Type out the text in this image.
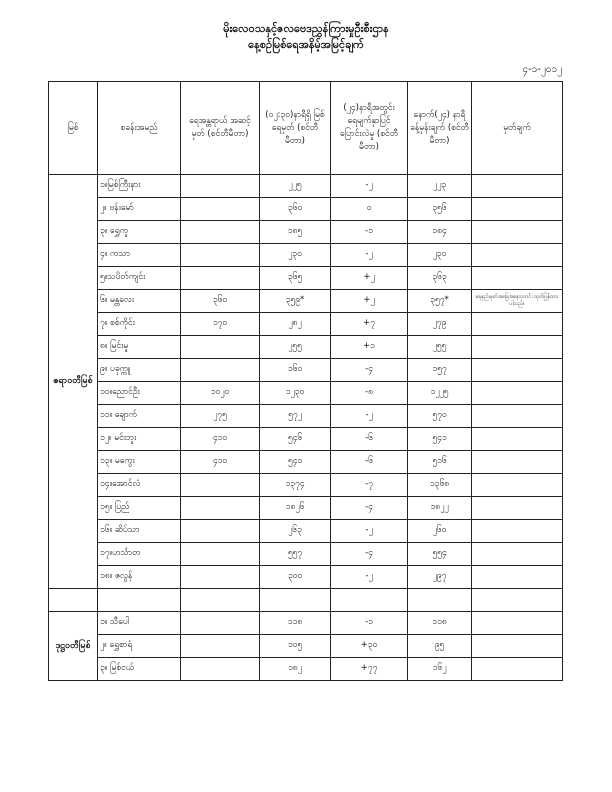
မိုးလေဝသနှင့်ဇလဗေဒညွှန်ကြားမှုဦးစီးဌာန
နေ့စဉ်မြစ်ရေအနိမ့်အမြင့်ချက်
၄-၁-၂၀၁၂
မြစ်	စခန်းအမည်	ရေအန္တရာယ် အဆင့်မှတ် (စင်တီမီတာ)	(၀၂:၃၀)နာရီရှိ မြစ်ရေမှတ် (စင်တီမီတာ)	(၂၄)နာရီအတွင်း ရေမျက်နှာပြင် ပြောင်းလဲမှု (စင်တီမီတာ)	နောက်(၂၄) နာရီ ခန့်မှန်းချက် (စင်တီမီတာ)	မှတ်ချက်
ဧရာဝတီမြစ်	၁။မြစ်ကြီးနား		၂၂၅	-၂	၂၂၃	
	၂။ ဗန်းမော်		၃၆၀	၀	၃၅၆	
	၃။ ရွှေကူ		၁၈၅	-၁	၁၈၄	
	၄။ ကသာ		၂၃၀	-၂	၂၃၀	
	၅။သပိတ်ကျင်း		၃၆၅	+၂	၃၆၃	
	၆။ မန္တလေး	၃၆၀	၃၅၉*	+၂	၃၅၇*	ရေနည်းမှတ်အခြေအနေသတင်း ထုတ်ပြန်ထားပါသည်။
	၇။ စစ်ကိုင်း	၁၇၀	၂၈၂	+၇	၂၇၉	
	၈။ မြင်းမူ		၂၅၅	+၁	၂၅၅	
	၉။ ပခုက္ကူ		၁၆၀	-၄	၁၅၇	
	၁၀။ညောင်ဦး	၁၀၂၀	၁၂၃၀	-၈	၁၂၂၅	
	၁၁။ ချောက်	၂၇၅	၅၇၂	-၂	၅၇၀	
	၁၂။ မင်းဘူး	၄၁၀	၅၄၆	-၆	၅၄၁	
	၁၃။ မကွေး	၄၁၀	၅၄၁	-၆	၅၁၆	
	၁၄။အောင်လံ		၁၃၇၄	-၇	၁၃၆၈	
	၁၅။ ပြည်		၁၈၂၆	-၄	၁၈၂၂	
	၁၆။ ဆိပ်သာ		၂၆၃	-၂	၂၆၀	
	၁၇။ဟင်္သာတ		၅၅၇	-၄	၅၅၄	
	၁၈။ ဇလွန်		၃၀၀	-၂	၂၉၇	

ဒုဋ္ဌဝတီမြစ်	၁။ သီပေါ		၁၁၈	-၁	၁၁၈	
	၂။ ရွှေစာရံ		၁၀၅	+၃၀	၉၅	
	၃။ မြစ်ငယ်		၁၈၂	+၇၇	၁၆၂	
